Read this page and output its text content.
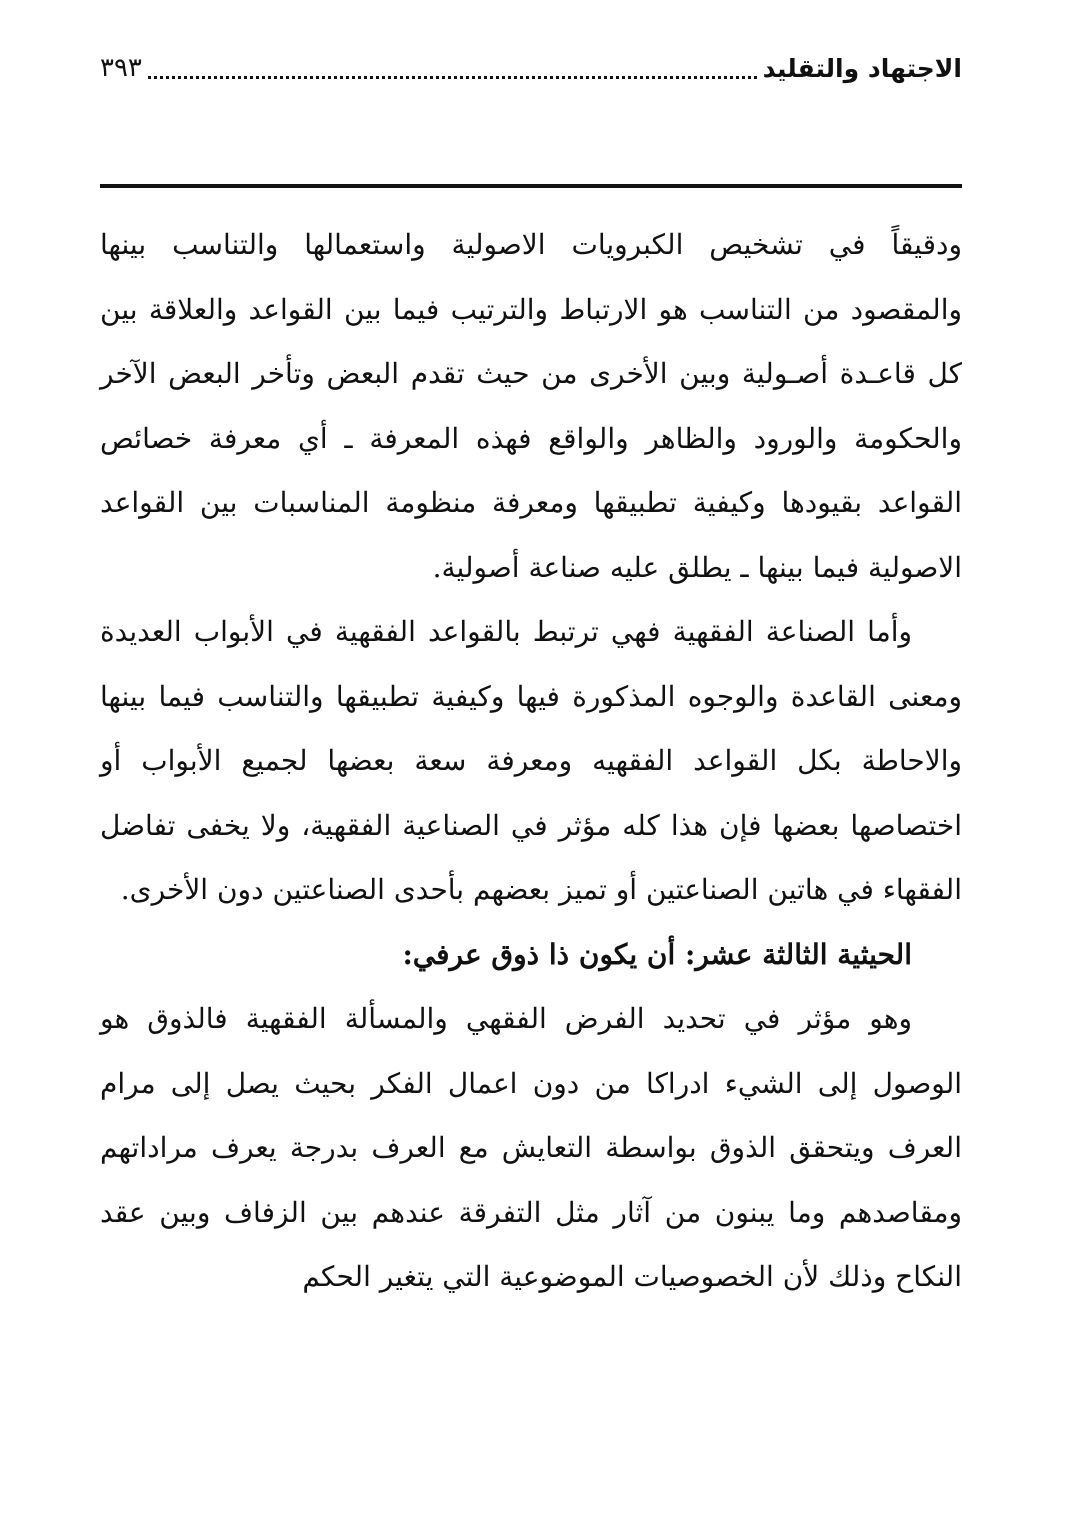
الاجتهاد والتقليد
٣٩٣

ودقيقاً في تشخيص الكبرويات الاصولية واستعمالها والتناسب بينها والمقصود من التناسب هو الارتباط والترتيب فيما بين القواعد والعلاقة بين كل قاعـدة أصـولية وبين الأخرى من حيث تقدم البعض وتأخر البعض الآخر والحكومة والورود والظاهر والواقع فهذه المعرفة ـ أي معرفة خصائص القواعد بقيودها وكيفية تطبيقها ومعرفة منظومة المناسبات بين القواعد الاصولية فيما بينها ـ يطلق عليه صناعة أصولية.

وأما الصناعة الفقهية فهي ترتبط بالقواعد الفقهية في الأبواب العديدة ومعنى القاعدة والوجوه المذكورة فيها وكيفية تطبيقها والتناسب فيما بينها والاحاطة بكل القواعد الفقهيه ومعرفة سعة بعضها لجميع الأبواب أو اختصاصها بعضها فإن هذا كله مؤثر في الصناعية الفقهية، ولا يخفى تفاضل الفقهاء في هاتين الصناعتين أو تميز بعضهم بأحدى الصناعتين دون الأخرى.

الحيثية الثالثة عشر: أن يكون ذا ذوق عرفي:

وهو مؤثر في تحديد الفرض الفقهي والمسألة الفقهية فالذوق هو الوصول إلى الشيء ادراكا من دون اعمال الفكر بحيث يصل إلى مرام العرف ويتحقق الذوق بواسطة التعايش مع العرف بدرجة يعرف مراداتهم ومقاصدهم وما يبنون من آثار مثل التفرقة عندهم بين الزفاف وبين عقد النكاح وذلك لأن الخصوصيات الموضوعية التي يتغير الحكم
